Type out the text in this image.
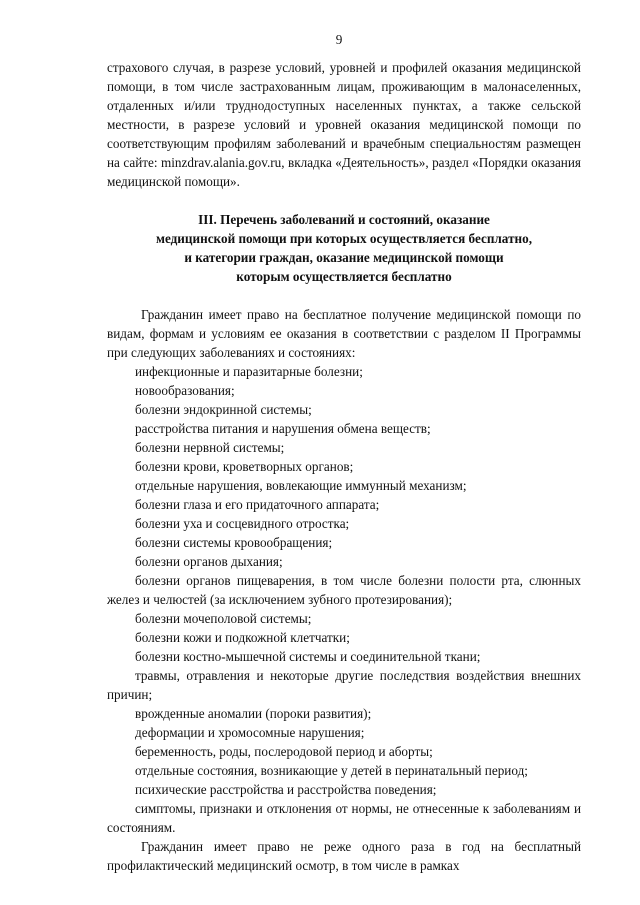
9

страхового случая, в разрезе условий, уровней и профилей оказания медицинской помощи, в том числе застрахованным лицам, проживающим в малонаселенных, отдаленных и/или труднодоступных населенных пунктах, а также сельской местности, в разрезе условий и уровней оказания медицинской помощи по соответствующим профилям заболеваний и врачебным специальностям размещен на сайте: minzdrav.alania.gov.ru, вкладка «Деятельность», раздел «Порядки оказания медицинской помощи».

III. Перечень заболеваний и состояний, оказание
медицинской помощи при которых осуществляется бесплатно,
и категории граждан, оказание медицинской помощи
которым осуществляется бесплатно

Гражданин имеет право на бесплатное получение медицинской помощи по видам, формам и условиям ее оказания в соответствии с разделом II Программы при следующих заболеваниях и состояниях:

инфекционные и паразитарные болезни;
новообразования;
болезни эндокринной системы;
расстройства питания и нарушения обмена веществ;
болезни нервной системы;
болезни крови, кроветворных органов;
отдельные нарушения, вовлекающие иммунный механизм;
болезни глаза и его придаточного аппарата;
болезни уха и сосцевидного отростка;
болезни системы кровообращения;
болезни органов дыхания;
болезни органов пищеварения, в том числе болезни полости рта, слюнных желез и челюстей (за исключением зубного протезирования);
болезни мочеполовой системы;
болезни кожи и подкожной клетчатки;
болезни костно-мышечной системы и соединительной ткани;
травмы, отравления и некоторые другие последствия воздействия внешних причин;
врожденные аномалии (пороки развития);
деформации и хромосомные нарушения;
беременность, роды, послеродовой период и аборты;
отдельные состояния, возникающие у детей в перинатальный период;
психические расстройства и расстройства поведения;
симптомы, признаки и отклонения от нормы, не отнесенные к заболеваниям и состояниям.

Гражданин имеет право не реже одного раза в год на бесплатный профилактический медицинский осмотр, в том числе в рамках
